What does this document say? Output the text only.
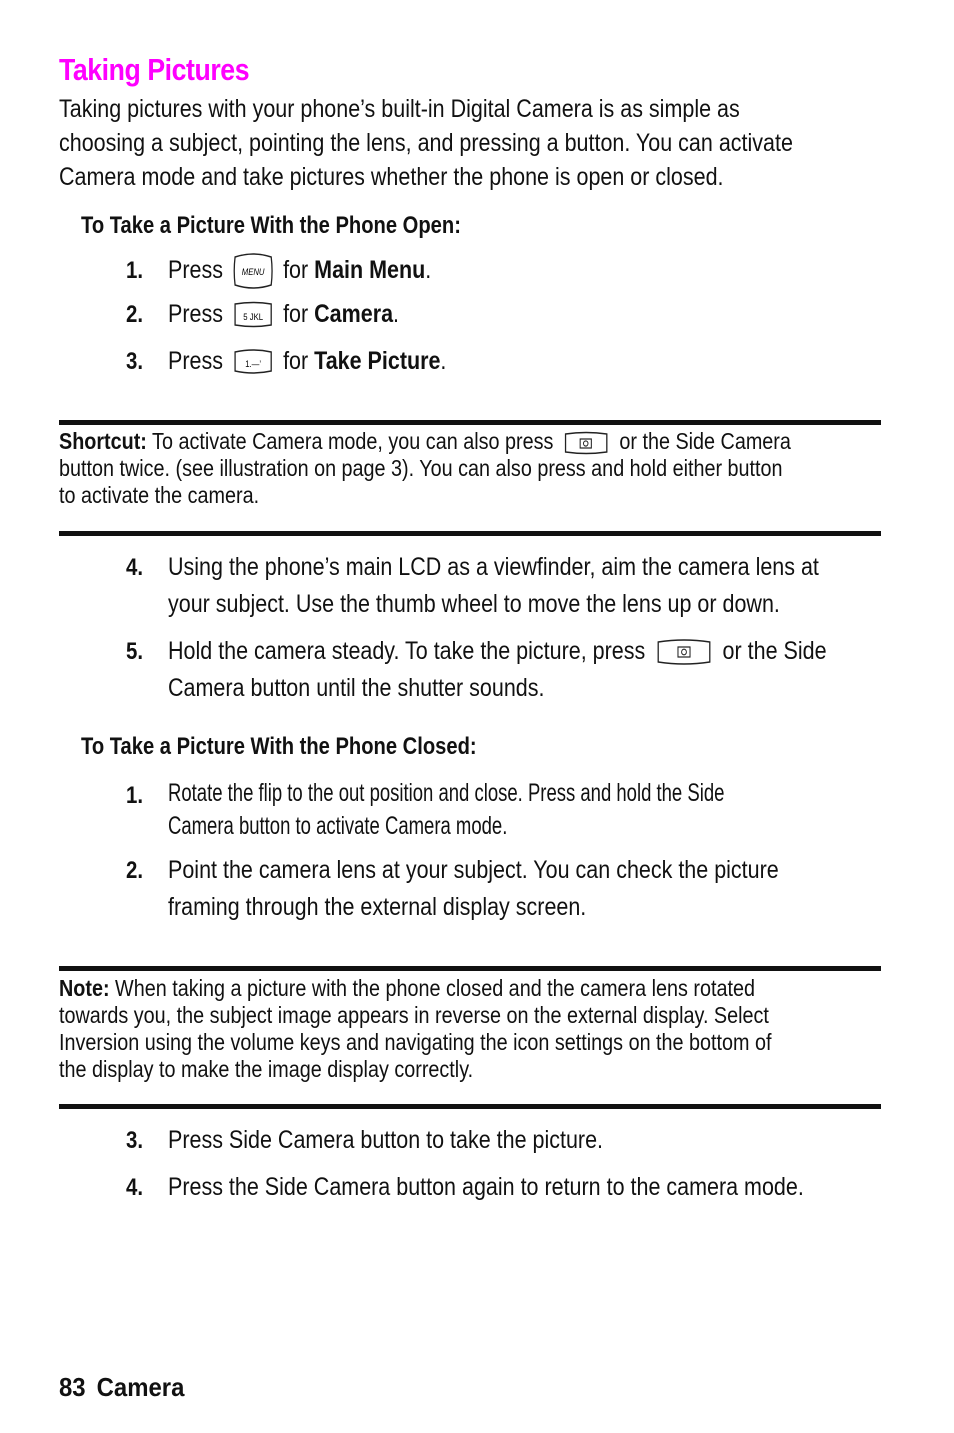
Taking Pictures
Taking pictures with your phone’s built-in Digital Camera is as simple as
choosing a subject, pointing the lens, and pressing a button. You can activate
Camera mode and take pictures whether the phone is open or closed.
To Take a Picture With the Phone Open:
1. Press MENU for Main Menu.
2. Press 5 JKL for Camera.
3. Press 1.—’ for Take Picture.
Shortcut: To activate Camera mode, you can also press	or the Side Camera
button twice. (see illustration on page 3). You can also press and hold either button
to activate the camera.
4. Using the phone’s main LCD as a viewfinder, aim the camera lens at
your subject. Use the thumb wheel to move the lens up or down.
5. Hold the camera steady. To take the picture, press	or the Side
Camera button until the shutter sounds.
To Take a Picture With the Phone Closed:
1. Rotate the flip to the out position and close. Press and hold the Side
Camera button to activate Camera mode.
2. Point the camera lens at your subject. You can check the picture
framing through the external display screen.
Note: When taking a picture with the phone closed and the camera lens rotated
towards you, the subject image appears in reverse on the external display. Select
Inversion using the volume keys and navigating the icon settings on the bottom of
the display to make the image display correctly.
3. Press Side Camera button to take the picture.
4. Press the Side Camera button again to return to the camera mode.
83 Camera
